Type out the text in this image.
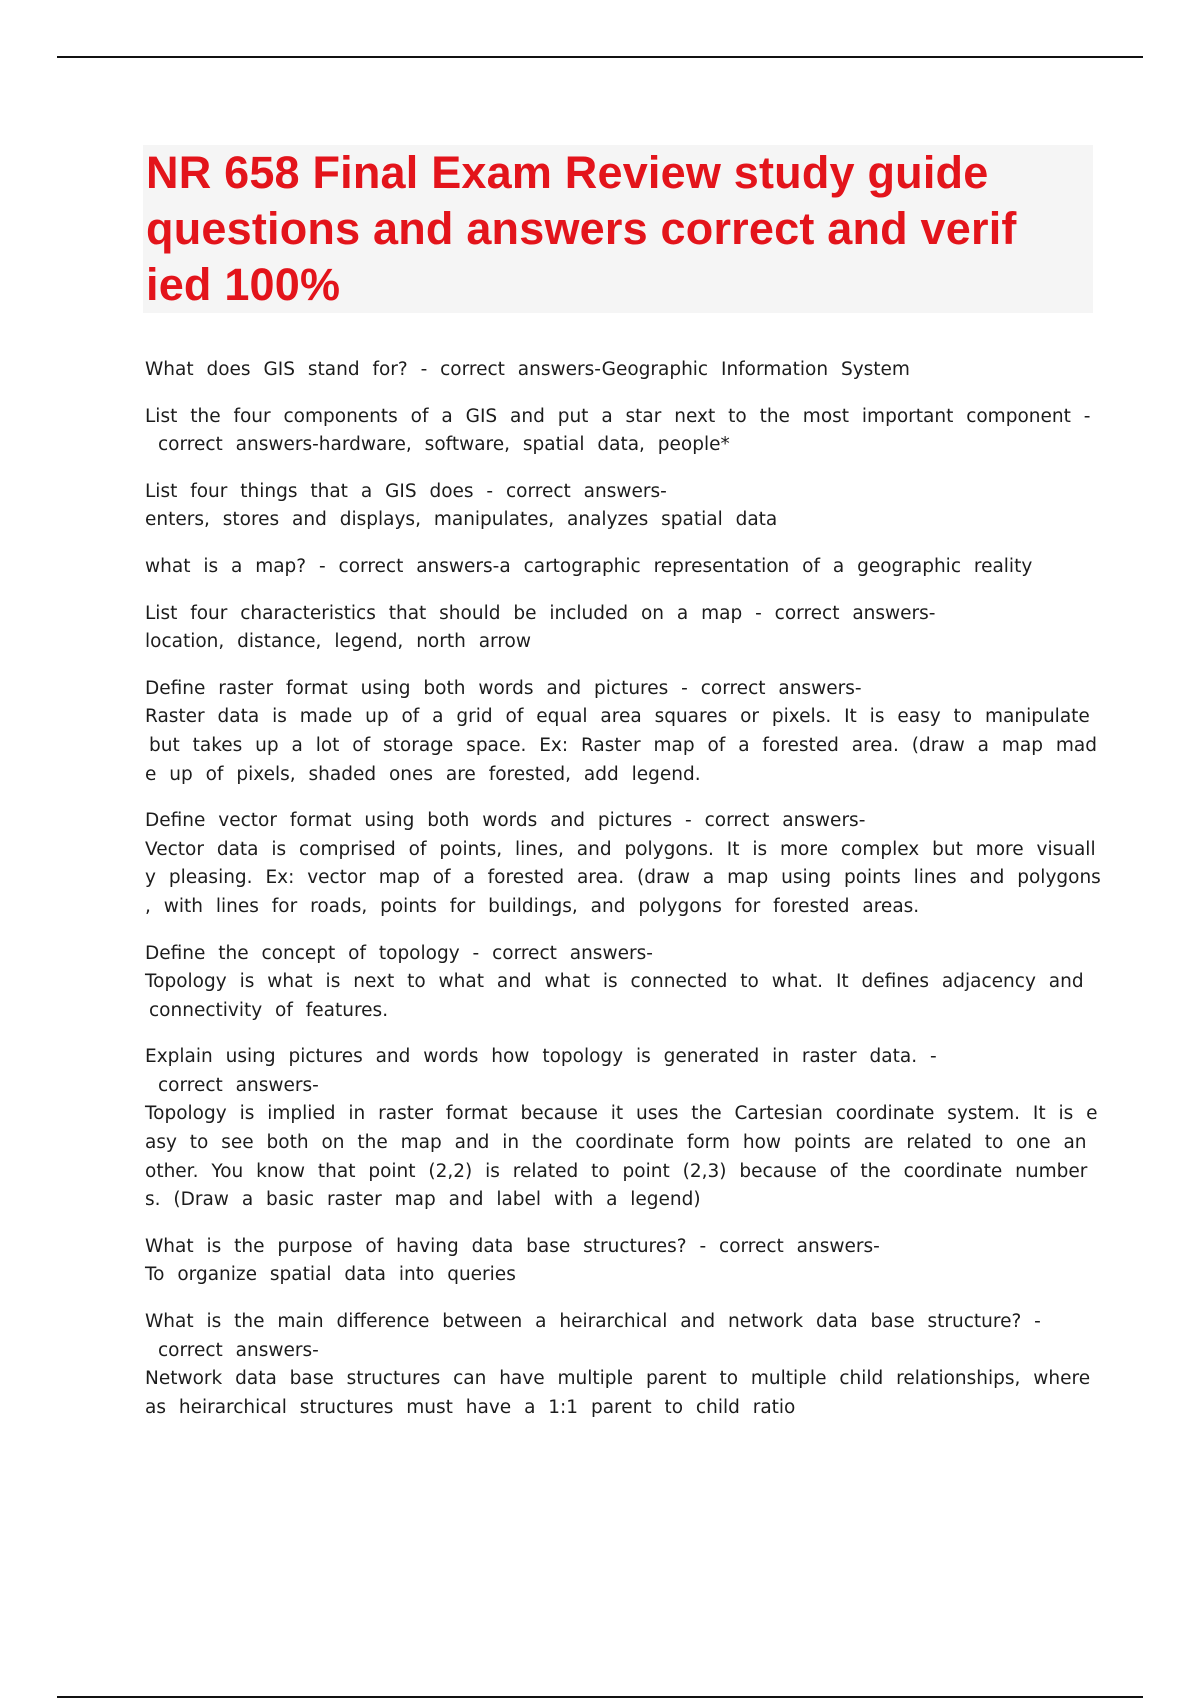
NR 658 Final Exam Review study guide
questions and answers correct and verif
ied 100%
What does GIS stand for? - correct answers-Geographic Information System
List the four components of a GIS and put a star next to the most important component -
correct answers-hardware, software, spatial data, people*
List four things that a GIS does - correct answers-
enters, stores and displays, manipulates, analyzes spatial data
what is a map? - correct answers-a cartographic representation of a geographic reality
List four characteristics that should be included on a map - correct answers-
location, distance, legend, north arrow
Define raster format using both words and pictures - correct answers-
Raster data is made up of a grid of equal area squares or pixels. It is easy to manipulate
but takes up a lot of storage space. Ex: Raster map of a forested area. (draw a map mad
e up of pixels, shaded ones are forested, add legend.
Define vector format using both words and pictures - correct answers-
Vector data is comprised of points, lines, and polygons. It is more complex but more visuall
y pleasing. Ex: vector map of a forested area. (draw a map using points lines and polygons
, with lines for roads, points for buildings, and polygons for forested areas.
Define the concept of topology - correct answers-
Topology is what is next to what and what is connected to what. It defines adjacency and
connectivity of features.
Explain using pictures and words how topology is generated in raster data. -
correct answers-
Topology is implied in raster format because it uses the Cartesian coordinate system. It is e
asy to see both on the map and in the coordinate form how points are related to one an
other. You know that point (2,2) is related to point (2,3) because of the coordinate number
s. (Draw a basic raster map and label with a legend)
What is the purpose of having data base structures? - correct answers-
To organize spatial data into queries
What is the main difference between a heirarchical and network data base structure? -
correct answers-
Network data base structures can have multiple parent to multiple child relationships, where
as heirarchical structures must have a 1:1 parent to child ratio
